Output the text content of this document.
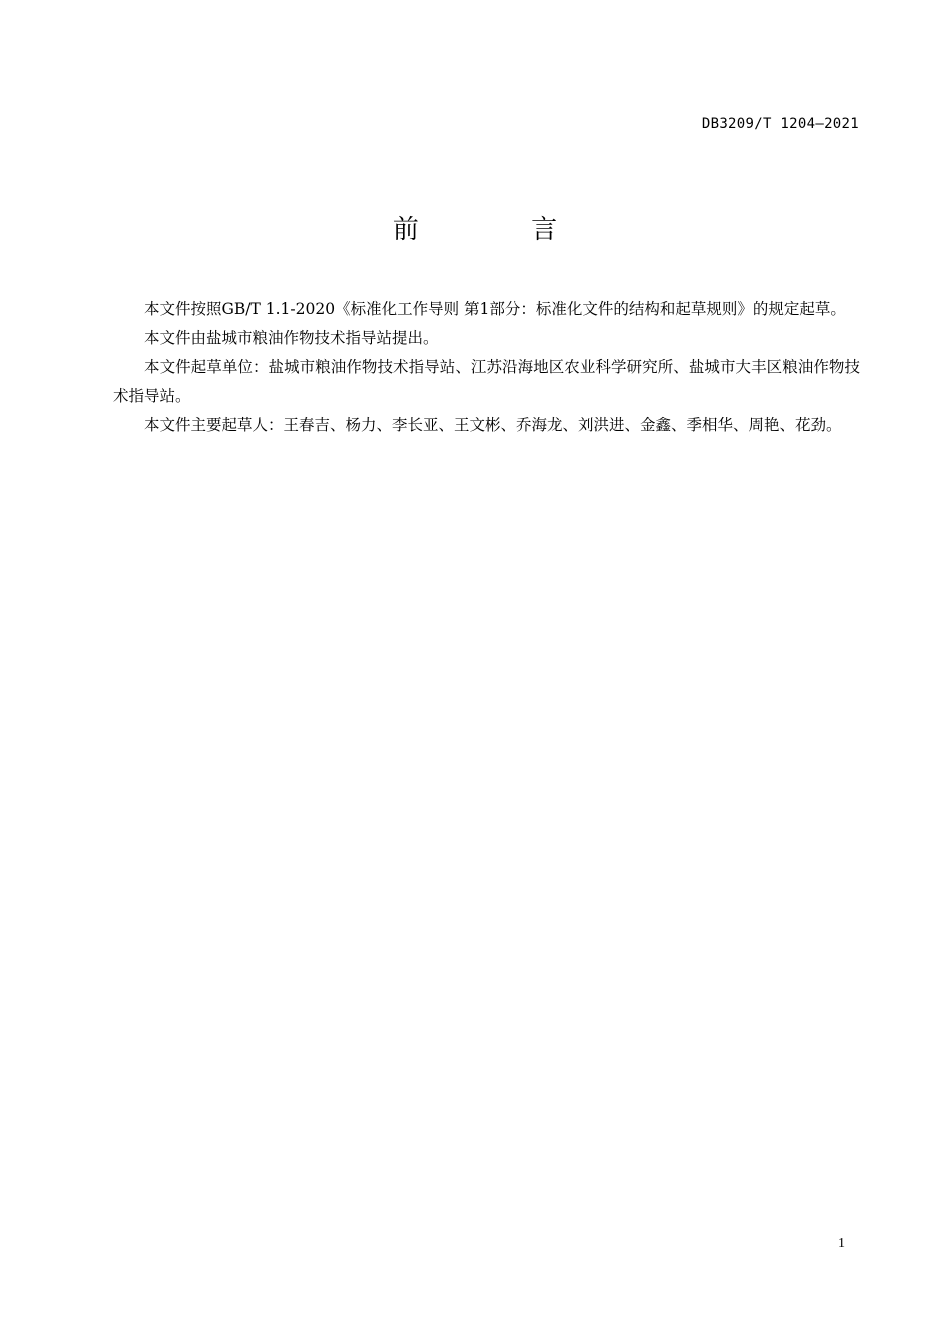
DB3209/T 1204—2021
前 言

本文件按照GB/T 1.1-2020《标准化工作导则 第1部分：标准化文件的结构和起草规则》的规定起草。

本文件由盐城市粮油作物技术指导站提出。

本文件起草单位：盐城市粮油作物技术指导站、江苏沿海地区农业科学研究所、盐城市大丰区粮油作物技术指导站。

本文件主要起草人：王春吉、杨力、李长亚、王文彬、乔海龙、刘洪进、金鑫、季相华、周艳、花劲。

1
